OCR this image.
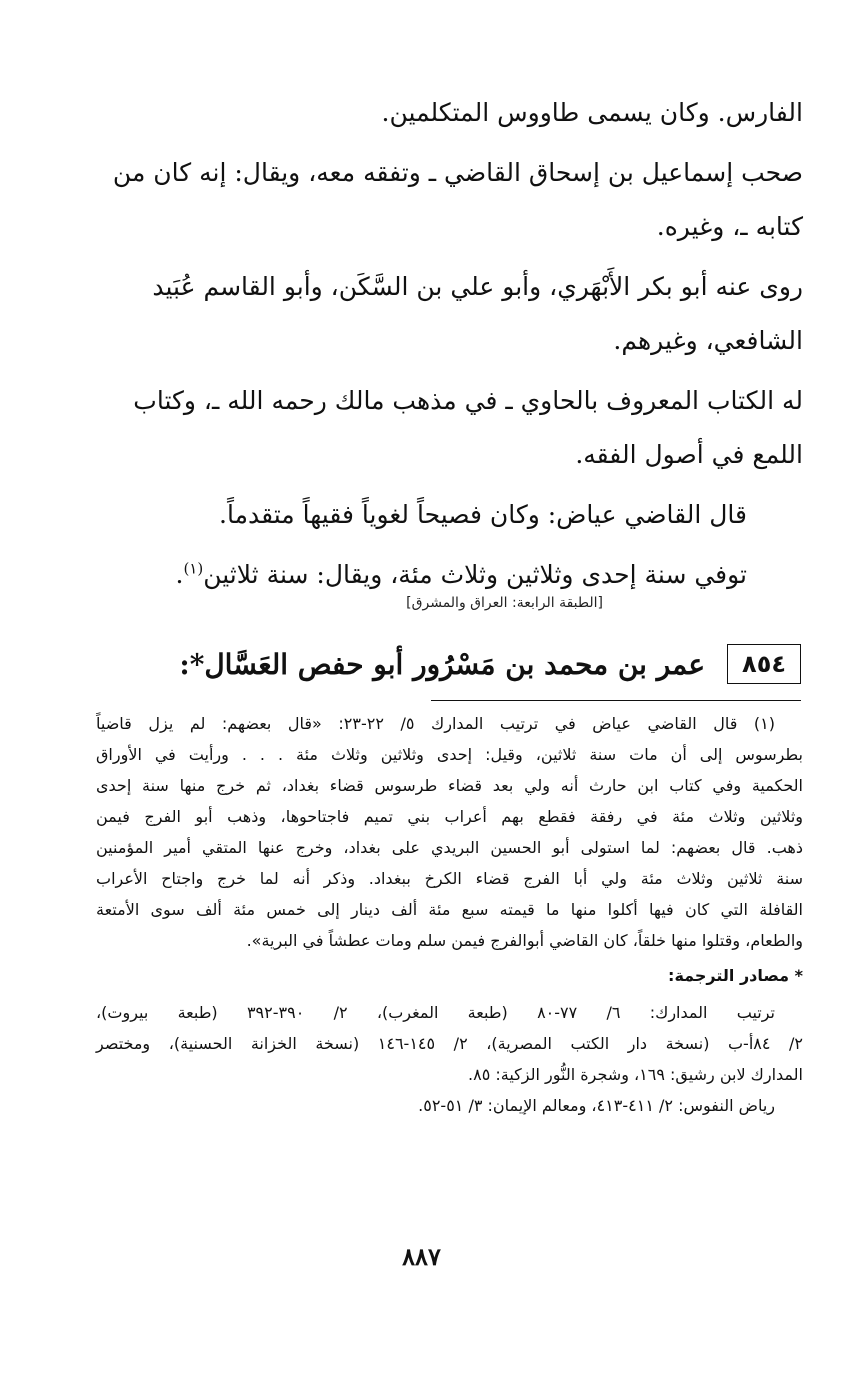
الفارس. وكان يسمى طاووس المتكلمين.

صحب إسماعيل بن إسحاق القاضي ـ وتفقه معه، ويقال: إنه كان من
كتابه ـ، وغيره.

روى عنه أبو بكر الأَبْهَري، وأبو علي بن السَّكَن، وأبو القاسم عُبَيد
الشافعي، وغيرهم.

له الكتاب المعروف بالحاوي ـ في مذهب مالك رحمه الله ـ، وكتاب
اللمع في أصول الفقه.

قال القاضي عياض: وكان فصيحاً لغوياً فقيهاً متقدماً.

توفي سنة إحدى وثلاثين وثلاث مئة، ويقال: سنة ثلاثين$^{(١)}$.

[الطبقة الرابعة: العراق والمشرق]
٨٥٤
عمر بن محمد بن مَسْرُور أبو حفص العَسَّال*:

(١) قال القاضي عياض في ترتيب المدارك ٥/ ٢٢-٢٣: «قال بعضهم: لم يزل قاضياً

بطرسوس إلى أن مات سنة ثلاثين، وقيل: إحدى وثلاثين وثلاث مئة . . . ورأيت في الأوراق

الحكمية وفي كتاب ابن حارث أنه ولي بعد قضاء طرسوس قضاء بغداد، ثم خرج منها سنة إحدى

وثلاثين وثلاث مئة في رفقة فقطع بهم أعراب بني تميم فاجتاحوها، وذهب أبو الفرج فيمن

ذهب. قال بعضهم: لما استولى أبو الحسين البريدي على بغداد، وخرج عنها المتقي أمير المؤمنين

سنة ثلاثين وثلاث مئة ولي أبا الفرج قضاء الكرخ ببغداد. وذكر أنه لما خرج واجتاح الأعراب

القافلة التي كان فيها أكلوا منها ما قيمته سبع مئة ألف دينار إلى خمس مئة ألف سوى الأمتعة

والطعام، وقتلوا منها خلقاً، كان القاضي أبوالفرج فيمن سلم ومات عطشاً في البرية».

* مصادر الترجمة:

ترتيب المدارك: ٦/ ٧٧-٨٠ (طبعة المغرب)، ٢/ ٣٩٠-٣٩٢ (طبعة بيروت)،

٢/ ٨٤أ-ب (نسخة دار الكتب المصرية)، ٢/ ١٤٥-١٤٦ (نسخة الخزانة الحسنية)، ومختصر

المدارك لابن رشيق: ١٦٩، وشجرة النُّور الزكية: ٨٥.

رياض النفوس: ٢/ ٤١١-٤١٣، ومعالم الإيمان: ٣/ ٥١-٥٢.

٨٨٧
